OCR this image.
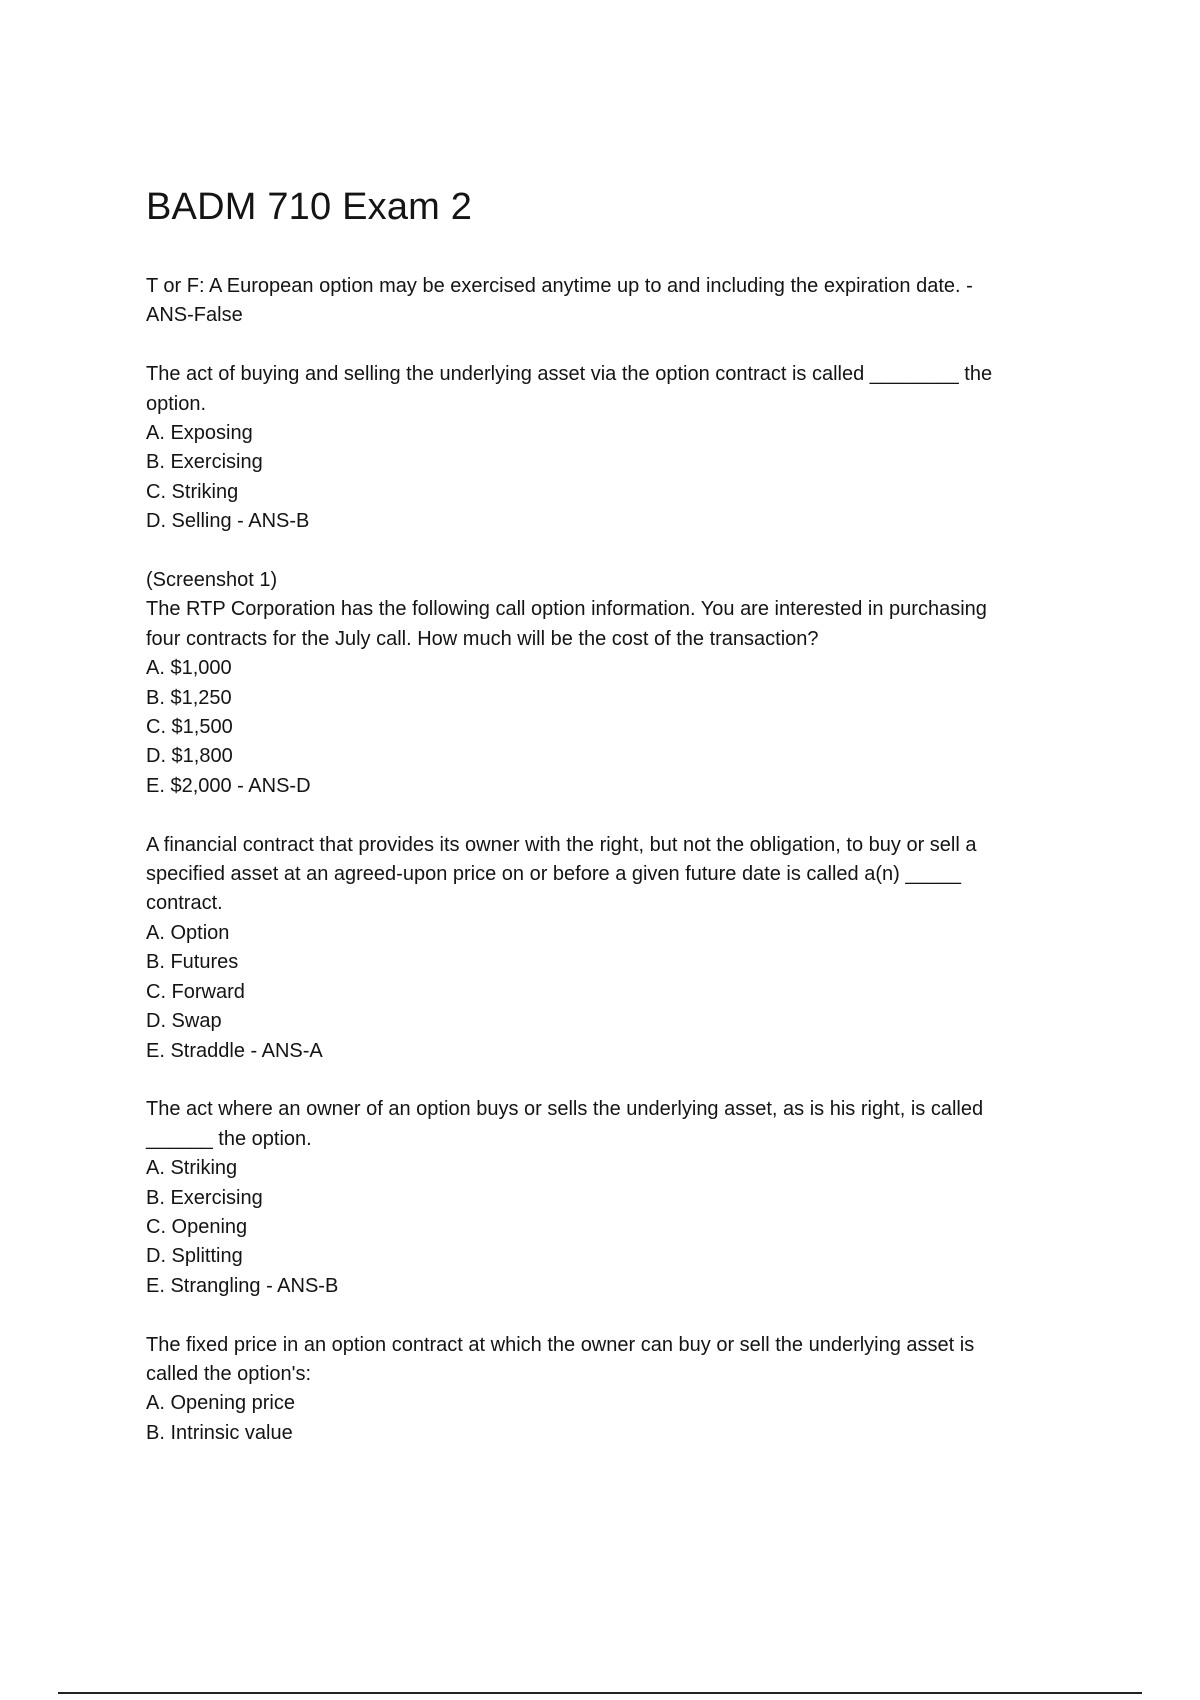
BADM 710 Exam 2
T or F: A European option may be exercised anytime up to and including the expiration date. -
ANS-False
The act of buying and selling the underlying asset via the option contract is called ________ the
option.
A. Exposing
B. Exercising
C. Striking
D. Selling - ANS-B
(Screenshot 1)
The RTP Corporation has the following call option information. You are interested in purchasing
four contracts for the July call. How much will be the cost of the transaction?
A. $1,000
B. $1,250
C. $1,500
D. $1,800
E. $2,000 - ANS-D
A financial contract that provides its owner with the right, but not the obligation, to buy or sell a
specified asset at an agreed-upon price on or before a given future date is called a(n) _____
contract.
A. Option
B. Futures
C. Forward
D. Swap
E. Straddle - ANS-A
The act where an owner of an option buys or sells the underlying asset, as is his right, is called
______ the option.
A. Striking
B. Exercising
C. Opening
D. Splitting
E. Strangling - ANS-B
The fixed price in an option contract at which the owner can buy or sell the underlying asset is
called the option's:
A. Opening price
B. Intrinsic value
